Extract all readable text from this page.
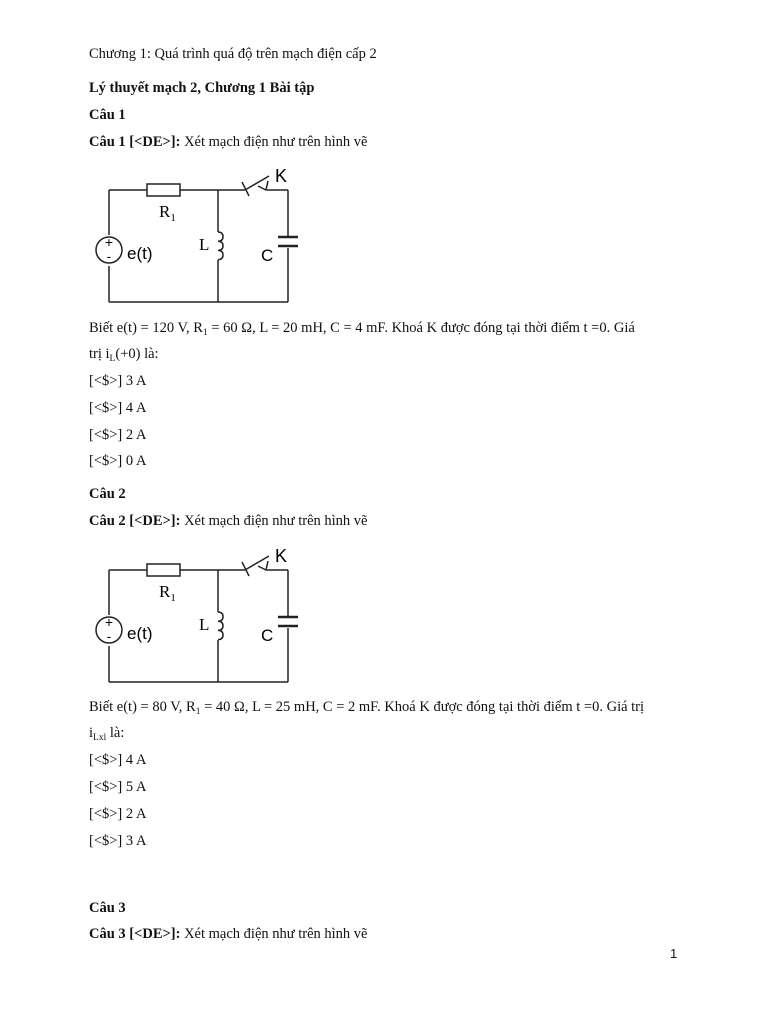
Chương 1: Quá trình quá độ trên mạch điện cấp 2
Lý thuyết mạch 2, Chương 1 Bài tập
Câu 1
Câu 1 [<DE>]: Xét mạch điện như trên hình vẽ
+
- e(t)
$R_1$
L
C
K
Biết e(t) = 120 V, $R_1 = 60$ Ω, L = 20 mH, C = 4 mF. Khoá K được đóng tại thời điểm t =0. Giá
trị $i_L(+0)$ là:
[<$>] 3 A
[<$>] 4 A
[<$>] 2 A
[<$>] 0 A
Câu 2
Câu 2 [<DE>]: Xét mạch điện như trên hình vẽ
+
- e(t)
$R_1$
L
C
K
Biết e(t) = 80 V, $R_1 = 40$ Ω, L = 25 mH, C = 2 mF. Khoá K được đóng tại thời điểm t =0. Giá trị
$i_{Lxl}$ là:
[<$>] 4 A
[<$>] 5 A
[<$>] 2 A
[<$>] 3 A
Câu 3
Câu 3 [<DE>]: Xét mạch điện như trên hình vẽ
1
